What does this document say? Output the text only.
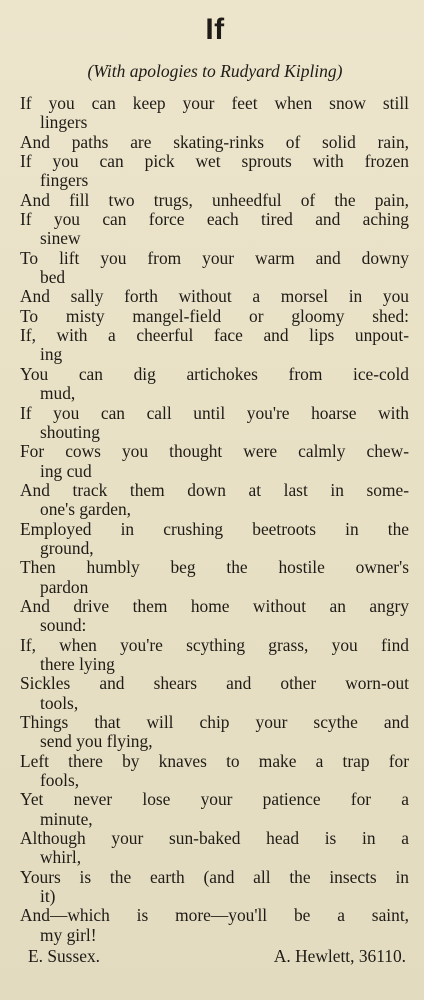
If
(With apologies to Rudyard Kipling)
If you can keep your feet when snow still
lingers
And paths are skating-rinks of solid rain,
If you can pick wet sprouts with frozen
fingers
And fill two trugs, unheedful of the pain,
If you can force each tired and aching
sinew
To lift you from your warm and downy
bed
And sally forth without a morsel in you
To misty mangel-field or gloomy shed:
If, with a cheerful face and lips unpout-
ing
You can dig artichokes from ice-cold
mud,
If you can call until you're hoarse with
shouting
For cows you thought were calmly chew-
ing cud
And track them down at last in some-
one's garden,
Employed in crushing beetroots in the
ground,
Then humbly beg the hostile owner's
pardon
And drive them home without an angry
sound:
If, when you're scything grass, you find
there lying
Sickles and shears and other worn-out
tools,
Things that will chip your scythe and
send you flying,
Left there by knaves to make a trap for
fools,
Yet never lose your patience for a
minute,
Although your sun-baked head is in a
whirl,
Yours is the earth (and all the insects in
it)
And—which is more—you'll be a saint,
my girl!
E. Sussex.	A. Hewlett, 36110.
